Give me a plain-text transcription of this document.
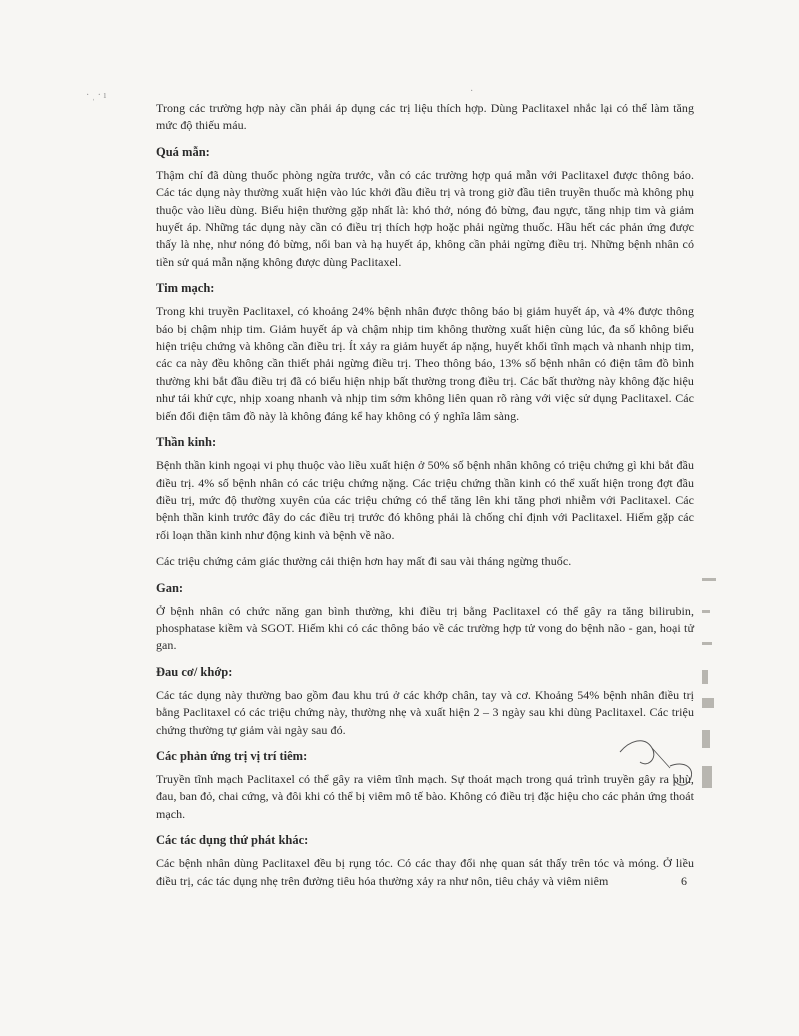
· ˌ · ı	·

Trong các trường hợp này cần phải áp dụng các trị liệu thích hợp. Dùng Paclitaxel nhắc lại có thể làm tăng mức độ thiếu máu.

Quá mẫn:

Thậm chí đã dùng thuốc phòng ngừa trước, vẫn có các trường hợp quá mẫn với Paclitaxel được thông báo. Các tác dụng này thường xuất hiện vào lúc khởi đầu điều trị và trong giờ đầu tiên truyền thuốc mà không phụ thuộc vào liều dùng. Biểu hiện thường gặp nhất là: khó thở, nóng đỏ bừng, đau ngực, tăng nhịp tim và giảm huyết áp. Những tác dụng này cần có điều trị thích hợp hoặc phải ngừng thuốc. Hầu hết các phản ứng được thấy là nhẹ, như nóng đỏ bừng, nổi ban và hạ huyết áp, không cần phải ngừng điều trị. Những bệnh nhân có tiền sử quá mẫn nặng không được dùng Paclitaxel.

Tim mạch:

Trong khi truyền Paclitaxel, có khoảng 24% bệnh nhân được thông báo bị giảm huyết áp, và 4% được thông báo bị chậm nhịp tim. Giảm huyết áp và chậm nhịp tim không thường xuất hiện cùng lúc, đa số không biểu hiện triệu chứng và không cần điều trị. Ít xảy ra giảm huyết áp nặng, huyết khối tĩnh mạch và nhanh nhịp tim, các ca này đều không cần thiết phải ngừng điều trị. Theo thông báo, 13% số bệnh nhân có điện tâm đồ bình thường khi bắt đầu điều trị đã có biểu hiện nhịp bất thường trong điều trị. Các bất thường này không đặc hiệu như tái khử cực, nhịp xoang nhanh và nhịp tim sớm không liên quan rõ ràng với việc sử dụng Paclitaxel. Các biến đổi điện tâm đồ này là không đáng kể hay không có ý nghĩa lâm sàng.

Thần kinh:

Bệnh thần kinh ngoại vi phụ thuộc vào liều xuất hiện ở 50% số bệnh nhân không có triệu chứng gì khi bắt đầu điều trị. 4% số bệnh nhân có các triệu chứng nặng. Các triệu chứng thần kinh có thể xuất hiện trong đợt đầu điều trị, mức độ thường xuyên của các triệu chứng có thể tăng lên khi tăng phơi nhiễm với Paclitaxel. Các bệnh thần kinh trước đây do các điều trị trước đó không phải là chống chỉ định với Paclitaxel. Hiếm gặp các rối loạn thần kinh như động kinh và bệnh về não.

Các triệu chứng cảm giác thường cải thiện hơn hay mất đi sau vài tháng ngừng thuốc.

Gan:

Ở bệnh nhân có chức năng gan bình thường, khi điều trị bằng Paclitaxel có thể gây ra tăng bilirubin, phosphatase kiềm và SGOT. Hiếm khi có các thông báo về các trường hợp tử vong do bệnh não - gan, hoại tử gan.

Đau cơ/ khớp:

Các tác dụng này thường bao gồm đau khu trú ở các khớp chân, tay và cơ. Khoảng 54% bệnh nhân điều trị bằng Paclitaxel có các triệu chứng này, thường nhẹ và xuất hiện 2 – 3 ngày sau khi dùng Paclitaxel. Các triệu chứng thường tự giảm vài ngày sau đó.

Các phản ứng trị vị trí tiêm:

Truyền tĩnh mạch Paclitaxel có thể gây ra viêm tĩnh mạch. Sự thoát mạch trong quá trình truyền gây ra phù, đau, ban đỏ, chai cứng, và đôi khi có thể bị viêm mô tế bào. Không có điều trị đặc hiệu cho các phản ứng thoát mạch.

Các tác dụng thứ phát khác:

Các bệnh nhân dùng Paclitaxel đều bị rụng tóc. Có các thay đổi nhẹ quan sát thấy trên tóc và móng. Ở liều điều trị, các tác dụng nhẹ trên đường tiêu hóa thường xảy ra như nôn, tiêu chảy và viêm niêm	6
